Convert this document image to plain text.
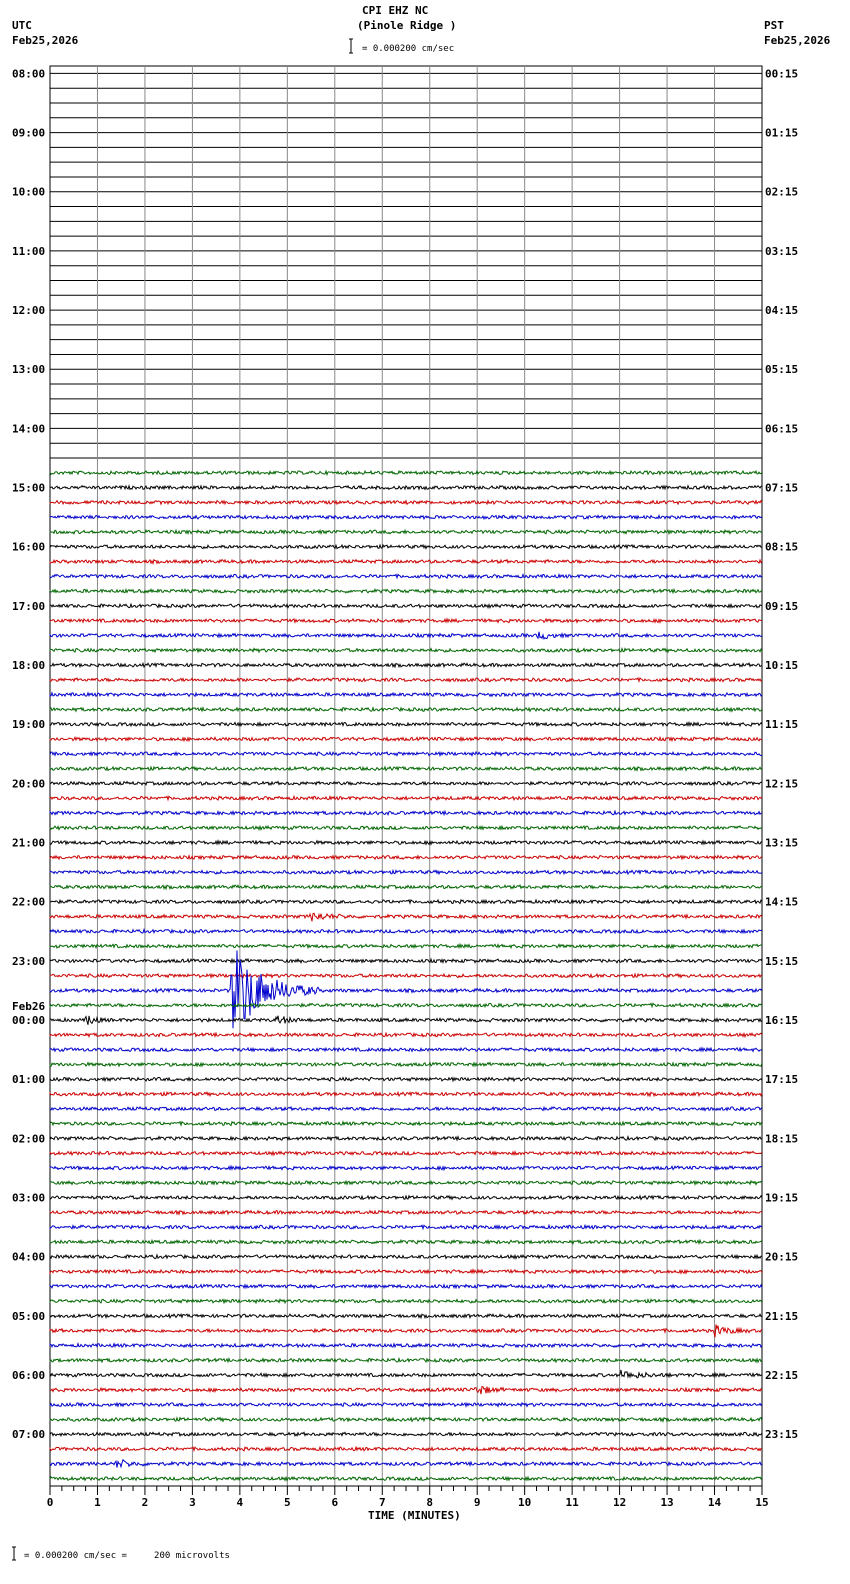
0	1	2	3	4	5	6	7	8	9	10	11	12	13	14	15
08:00
09:00
10:00
11:00
12:00
13:00
14:00
15:00
16:00
17:00
18:00
19:00
20:00
21:00
22:00
23:00
00:00
Feb26
01:00
02:00
03:00
04:00
05:00
06:00
07:00
00:15
01:15
02:15
03:15
04:15
05:15
06:15
07:15
08:15
09:15
10:15
11:15
12:15
13:15
14:15
15:15
16:15
17:15
18:15
19:15
20:15
21:15
22:15
23:15
CPI EHZ NC
(Pinole Ridge )
= 0.000200 cm/sec
UTC
Feb25,2026
PST
Feb25,2026
TIME (MINUTES)
= 0.000200 cm/sec =     200 microvolts
